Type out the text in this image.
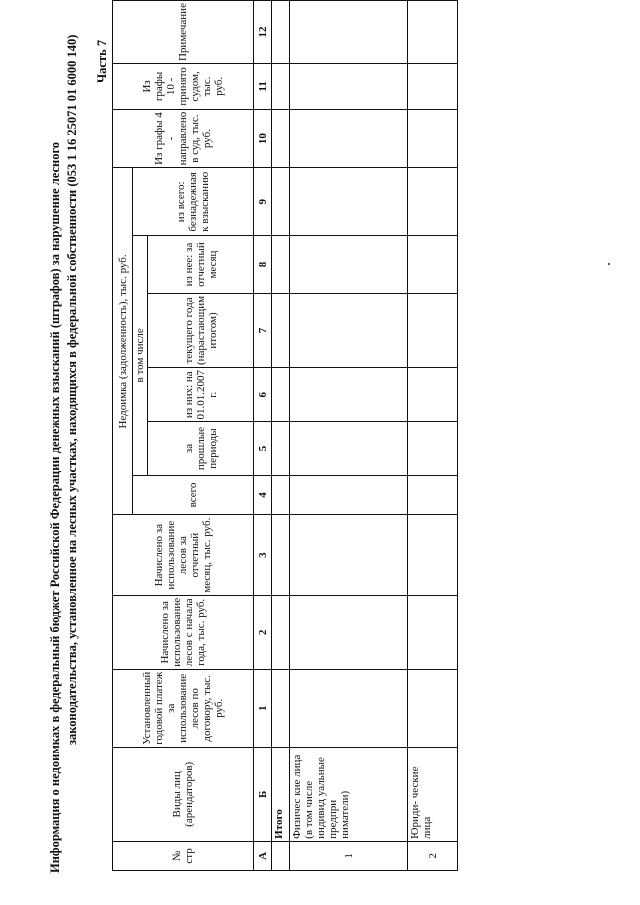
Информация о недоимках в федеральный бюджет Российской Федерации денежных взысканий (штрафов) за нарушение лесного законодательства, установленное на лесных участках, находящихся в федеральной собственности (053 1 16 25071 01 6000 140) Часть 7
№ стр	Виды лиц (арендаторов)	Установленный годовой платеж за использование лесов по договору, тыс. руб.	Начислено за использование лесов с начала года, тыс. руб.	Начислено за использование лесов за отчетный месяц, тыс. руб.	Недоимка (задолженность), тыс. руб.						Из графы 4 - направлено в суд, тыс. руб.	Из графы 10 - принято судом, тыс. руб.	Примечание
					всего	в том числе				из всего: безнадежная к взысканию			
						за прошлые периоды	из них: на 01.01.2007 г.	текущего года (нарастающим итогом)	из нее: за отчетный месяц				

А	Б	1	2	3	4	5	6	7	8	9	10	11	12
	Итого												
1	Физичес кие лица (в том числе индивид уальные предпри ниматели)												
2	Юриди- ческие лица												
